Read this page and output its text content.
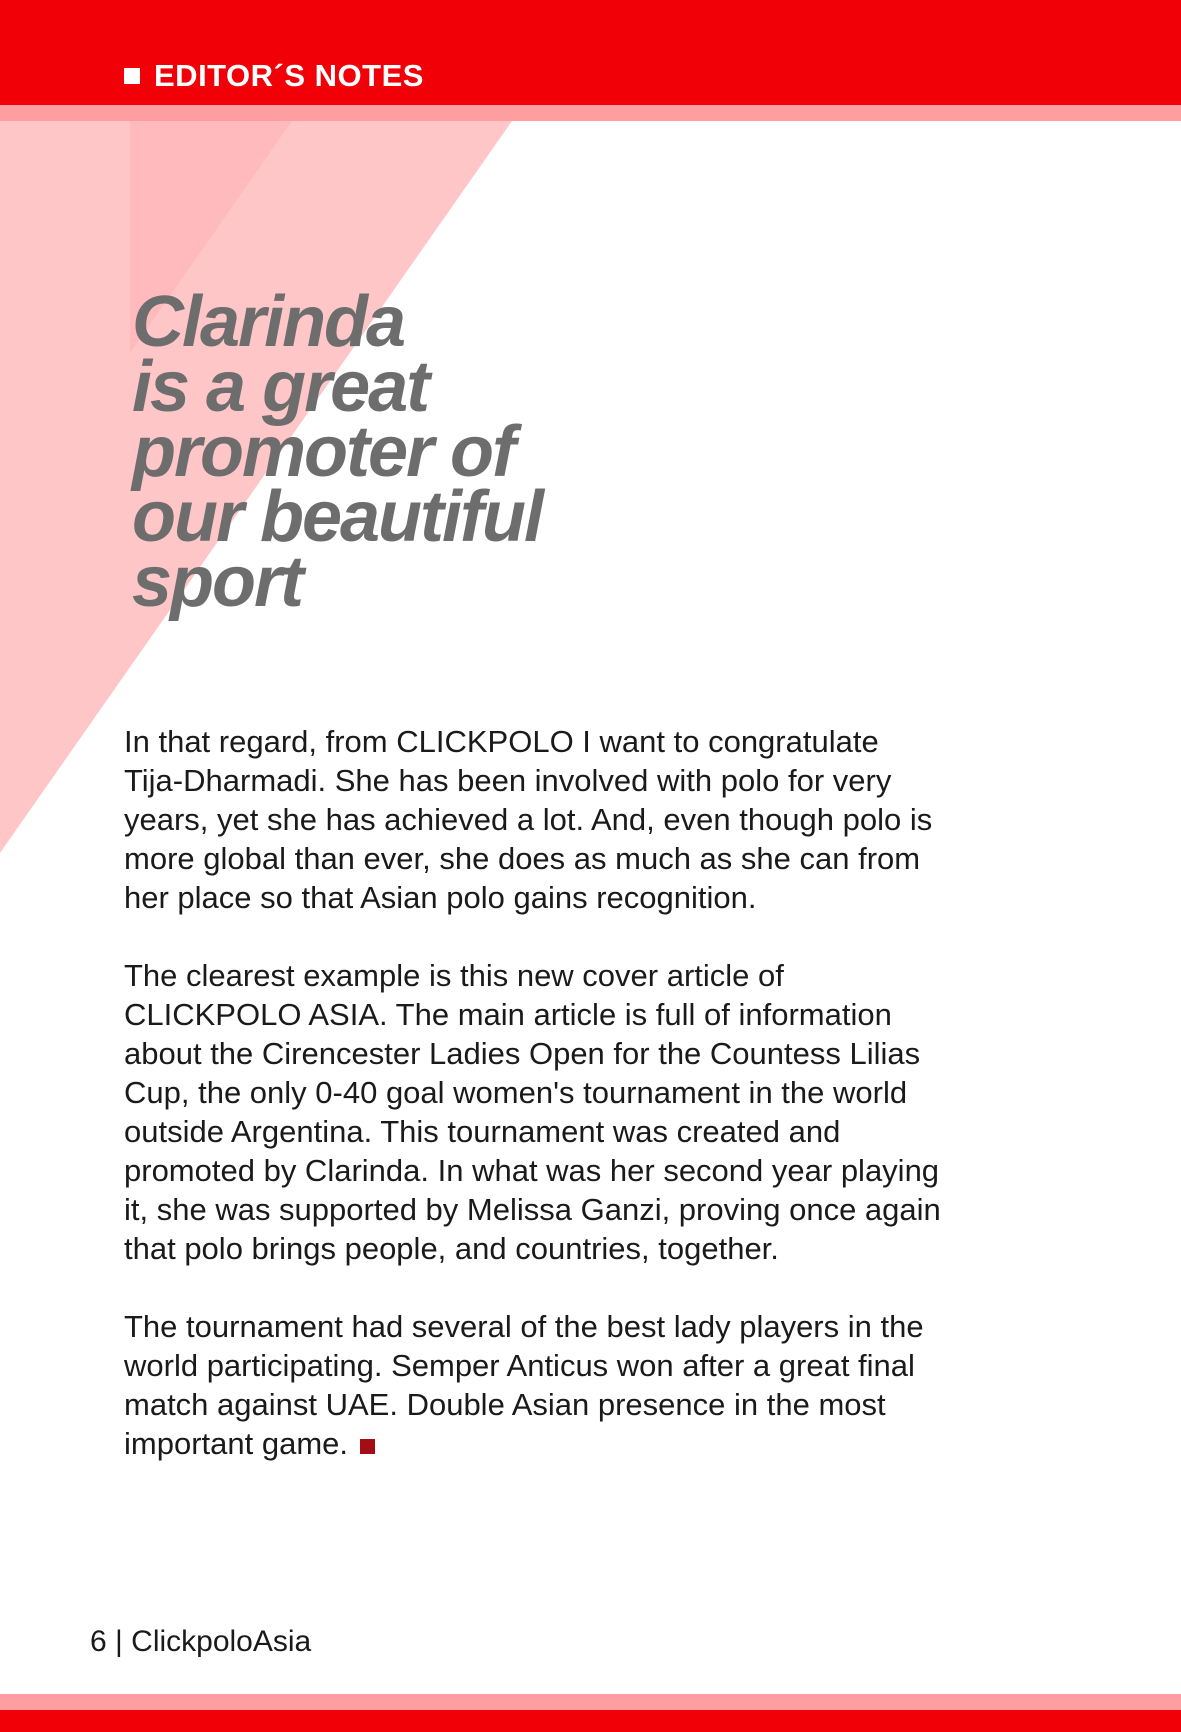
EDITOR´S NOTES
Clarinda
is a great
promoter of
our beautiful
sport

In that regard, from CLICKPOLO I want to congratulate
Tija-Dharmadi. She has been involved with polo for very
years, yet she has achieved a lot. And, even though polo is
more global than ever, she does as much as she can from
her place so that Asian polo gains recognition.

The clearest example is this new cover article of
CLICKPOLO ASIA. The main article is full of information
about the Cirencester Ladies Open for the Countess Lilias
Cup, the only 0-40 goal women's tournament in the world
outside Argentina. This tournament was created and
promoted by Clarinda. In what was her second year playing
it, she was supported by Melissa Ganzi, proving once again
that polo brings people, and countries, together.

The tournament had several of the best lady players in the
world participating. Semper Anticus won after a great final
match against UAE. Double Asian presence in the most
important game.

6 | ClickpoloAsia
